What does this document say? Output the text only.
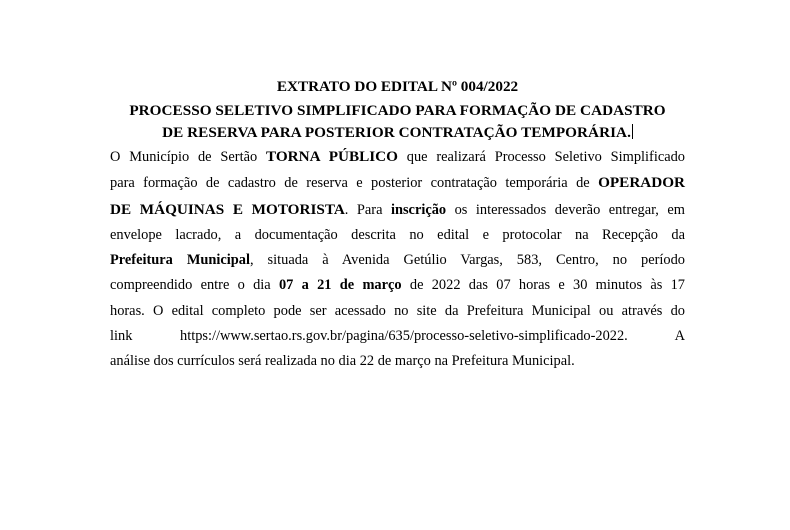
EXTRATO DO EDITAL Nº 004/2022

PROCESSO SELETIVO SIMPLIFICADO PARA FORMAÇÃO DE CADASTRO

DE RESERVA PARA POSTERIOR CONTRATAÇÃO TEMPORÁRIA.

O Município de Sertão TORNA PÚBLICO que realizará Processo Seletivo Simplificado
para formação de cadastro de reserva e posterior contratação temporária de OPERADOR
DE MÁQUINAS E MOTORISTA. Para inscrição os interessados deverão entregar, em
envelope lacrado, a documentação descrita no edital e protocolar na Recepção da
Prefeitura Municipal, situada à Avenida Getúlio Vargas, 583, Centro, no período
compreendido entre o dia 07 a 21 de março de 2022 das 07 horas e 30 minutos às 17
horas. O edital completo pode ser acessado no site da Prefeitura Municipal ou através do
link	https://www.sertao.rs.gov.br/pagina/635/processo-seletivo-simplificado-2022.	A
análise dos currículos será realizada no dia 22 de março na Prefeitura Municipal.
